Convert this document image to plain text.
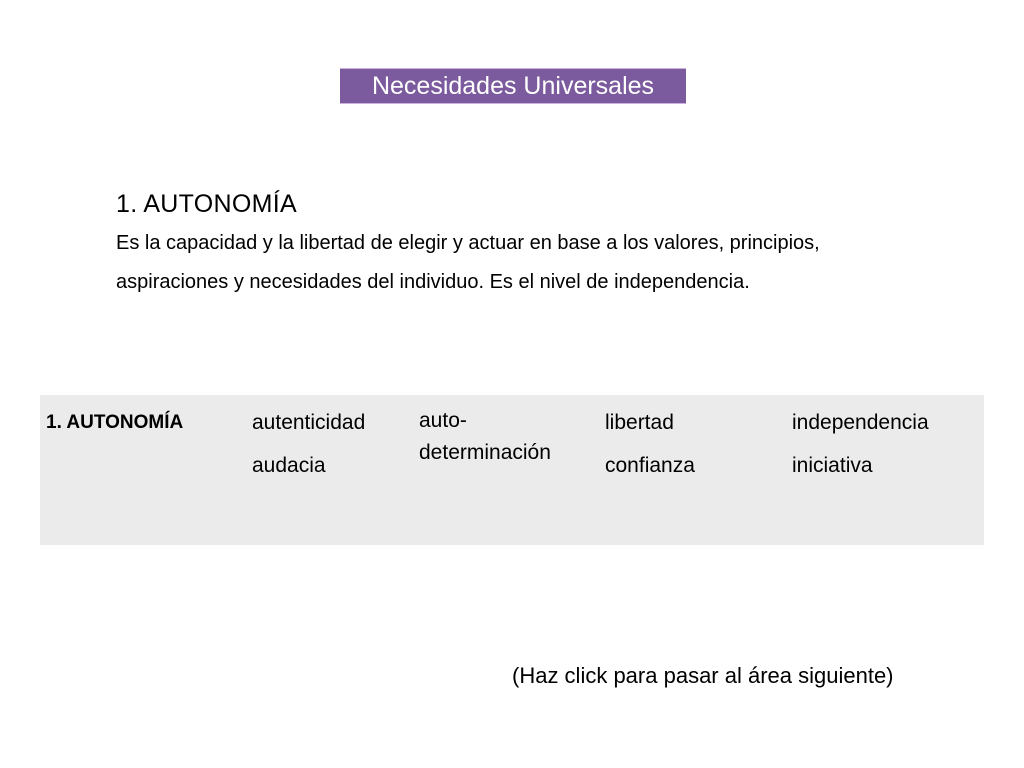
Necesidades Universales
1. AUTONOMÍA

Es la capacidad y la libertad de elegir y actuar en base a los valores, principios, aspiraciones y necesidades del individuo. Es el nivel de independencia.

1. AUTONOMÍA	autenticidad
audacia
auto-
determinación
libertad
confianza
independencia
iniciativa
(Haz click para pasar al área siguiente)
